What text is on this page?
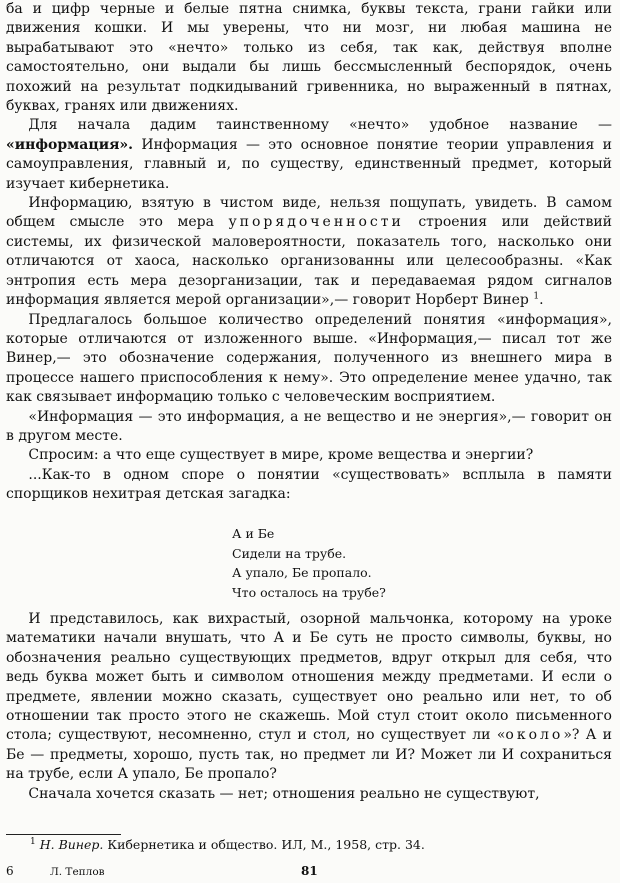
ба и цифр черные и белые пятна снимка, буквы текста, грани гайки или движения кошки. И мы уверены, что ни мозг, ни любая машина не вырабатывают это «нечто» только из себя, так как, действуя вполне самостоятельно, они выдали бы лишь бессмысленный беспорядок, очень похожий на результат подкидываний гривенника, но выраженный в пятнах, буквах, гранях или движениях.

Для начала дадим таинственному «нечто» удобное название — «информация». Информация — это основное понятие теории управления и самоуправления, главный и, по существу, единственный предмет, который изучает кибернетика.

Информацию, взятую в чистом виде, нельзя пощупать, увидеть. В самом общем смысле это мера упорядоченности строения или действий системы, их физической маловероятности, показатель того, насколько они отличаются от хаоса, насколько организованны или целесообразны. «Как энтропия есть мера дезорганизации, так и передаваемая рядом сигналов информация является мерой организации»,— говорит Норберт Винер $^1$.

Предлагалось большое количество определений понятия «информация», которые отличаются от изложенного выше. «Информация,— писал тот же Винер,— это обозначение содержания, полученного из внешнего мира в процессе нашего приспособления к нему». Это определение менее удачно, так как связывает информацию только с человеческим восприятием.

«Информация — это информация, а не вещество и не энергия»,— говорит он в другом месте.

Спросим: а что еще существует в мире, кроме вещества и энергии?

...Как-то в одном споре о понятии «существовать» всплыла в памяти спорщиков нехитрая детская загадка:

А и Бе
Сидели на трубе.
А упало, Бе пропало.
Что осталось на трубе?

И представилось, как вихрастый, озорной мальчонка, которому на уроке математики начали внушать, что А и Бе суть не просто символы, буквы, но обозначения реально существующих предметов, вдруг открыл для себя, что ведь буква может быть и символом отношения между предметами. И если о предмете, явлении можно сказать, существует оно реально или нет, то об отношении так просто этого не скажешь. Мой стул стоит около письменного стола; существуют, несомненно, стул и стол, но существует ли «около»? А и Бе — предметы, хорошо, пусть так, но предмет ли И? Может ли И сохраниться на трубе, если А упало, Бе пропало?

Сначала хочется сказать — нет; отношения реально не существуют,

$^1$ Н. Винер. Кибернетика и общество. ИЛ, М., 1958, стр. 34.
6	Л. Теплов	81
